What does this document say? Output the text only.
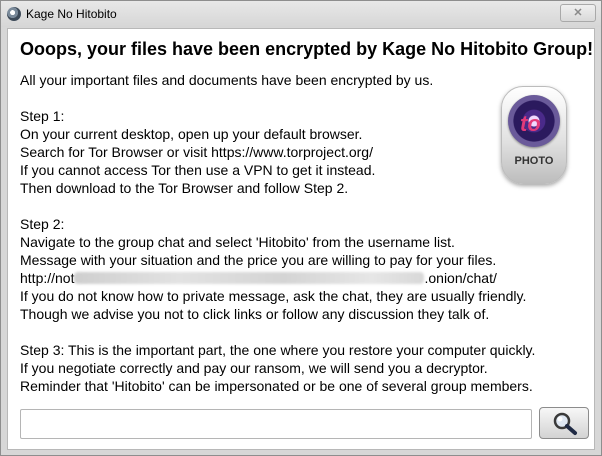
Kage No Hitobito	✕
Ooops, your files have been encrypted by Kage No Hitobito Group!
All your important files and documents have been encrypted by us.
Step 1:
On your current desktop, open up your default browser.
Search for Tor Browser or visit https://www.torproject.org/
If you cannot access Tor then use a VPN to get it instead.
Then download to the Tor Browser and follow Step 2.
Step 2:
Navigate to the group chat and select 'Hitobito' from the username list.
Message with your situation and the price you are willing to pay for your files.
http://not	.onion/chat/
If you do not know how to private message, ask the chat, they are usually friendly.
Though we advise you not to click links or follow any discussion they talk of.
Step 3: This is the important part, the one where you restore your computer quickly.
If you negotiate correctly and pay our ransom, we will send you a decryptor.
Reminder that 'Hitobito' can be impersonated or be one of several group members.
to
PHOTO
